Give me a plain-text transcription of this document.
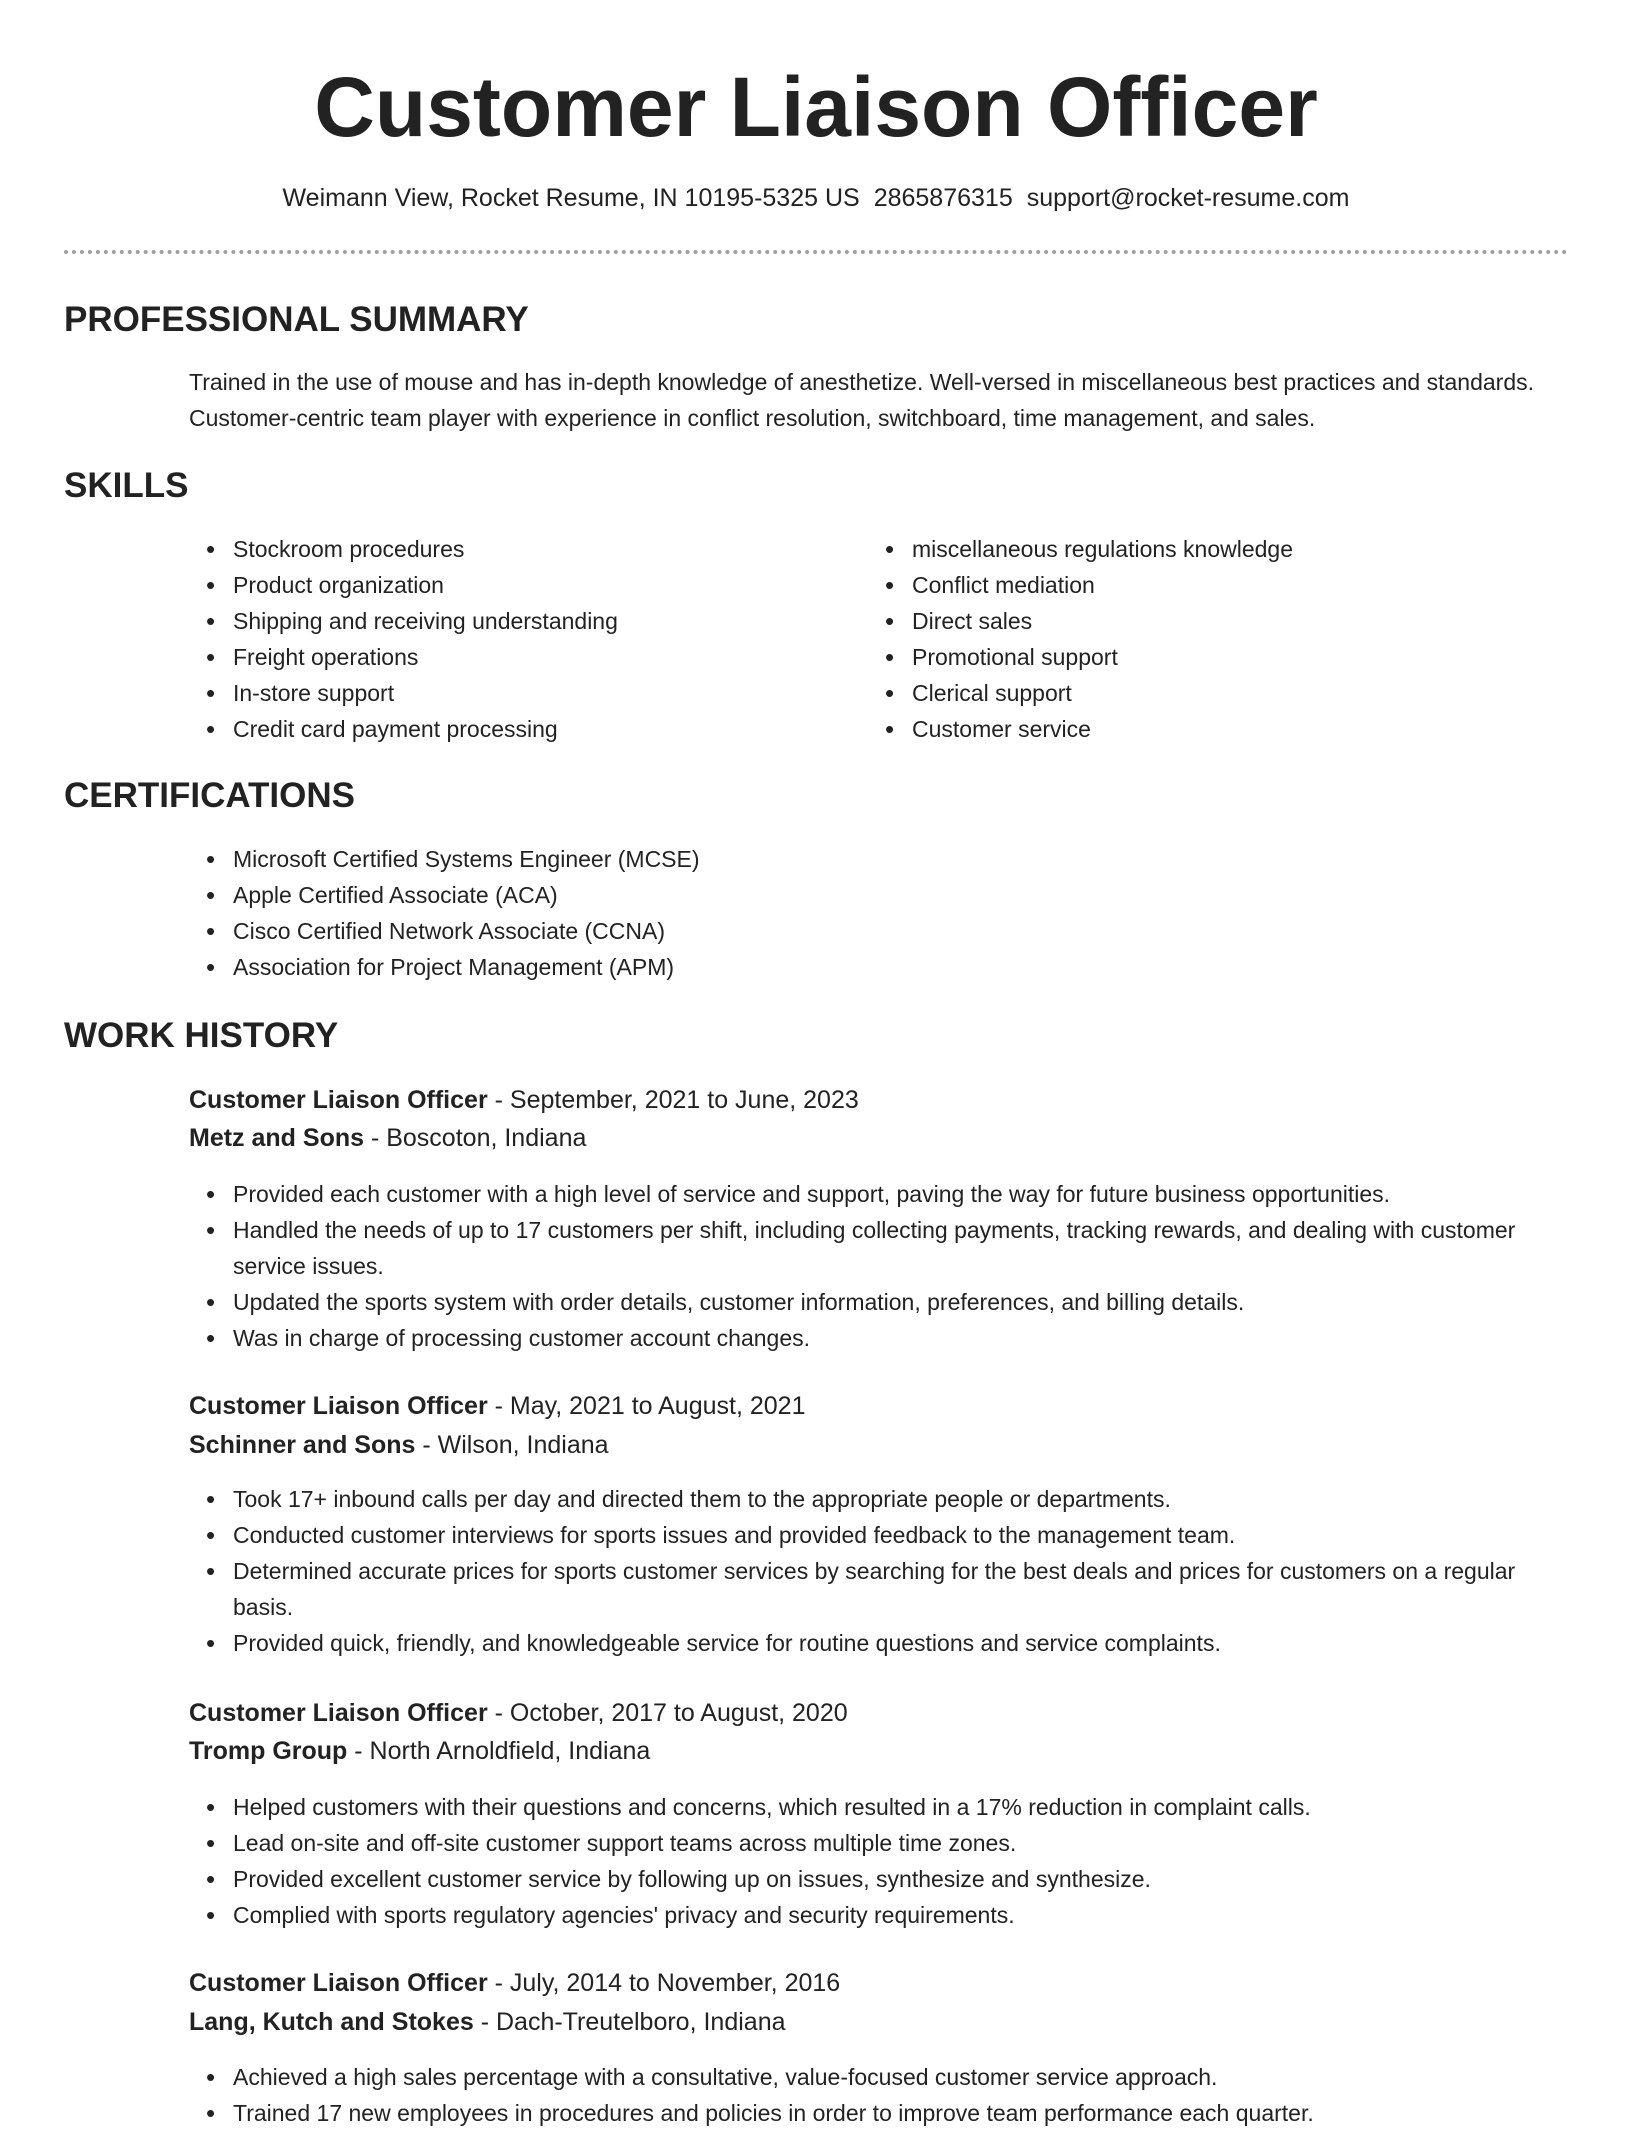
Customer Liaison Officer
Weimann View, Rocket Resume, IN 10195-5325 US 2865876315 support@rocket-resume.com
PROFESSIONAL SUMMARY
Trained in the use of mouse and has in-depth knowledge of anesthetize. Well-versed in miscellaneous best practices and standards. Customer-centric team player with experience in conflict resolution, switchboard, time management, and sales.
SKILLS
• Stockroom procedures
• Product organization
• Shipping and receiving understanding
• Freight operations
• In-store support
• Credit card payment processing
• miscellaneous regulations knowledge
• Conflict mediation
• Direct sales
• Promotional support
• Clerical support
• Customer service
CERTIFICATIONS
• Microsoft Certified Systems Engineer (MCSE)
• Apple Certified Associate (ACA)
• Cisco Certified Network Associate (CCNA)
• Association for Project Management (APM)
WORK HISTORY
Customer Liaison Officer - September, 2021 to June, 2023
Metz and Sons - Boscoton, Indiana
• Provided each customer with a high level of service and support, paving the way for future business opportunities.
• Handled the needs of up to 17 customers per shift, including collecting payments, tracking rewards, and dealing with customer service issues.
• Updated the sports system with order details, customer information, preferences, and billing details.
• Was in charge of processing customer account changes.
Customer Liaison Officer - May, 2021 to August, 2021
Schinner and Sons - Wilson, Indiana
• Took 17+ inbound calls per day and directed them to the appropriate people or departments.
• Conducted customer interviews for sports issues and provided feedback to the management team.
• Determined accurate prices for sports customer services by searching for the best deals and prices for customers on a regular basis.
• Provided quick, friendly, and knowledgeable service for routine questions and service complaints.
Customer Liaison Officer - October, 2017 to August, 2020
Tromp Group - North Arnoldfield, Indiana
• Helped customers with their questions and concerns, which resulted in a 17% reduction in complaint calls.
• Lead on-site and off-site customer support teams across multiple time zones.
• Provided excellent customer service by following up on issues, synthesize and synthesize.
• Complied with sports regulatory agencies' privacy and security requirements.
Customer Liaison Officer - July, 2014 to November, 2016
Lang, Kutch and Stokes - Dach-Treutelboro, Indiana
• Achieved a high sales percentage with a consultative, value-focused customer service approach.
• Trained 17 new employees in procedures and policies in order to improve team performance each quarter.
